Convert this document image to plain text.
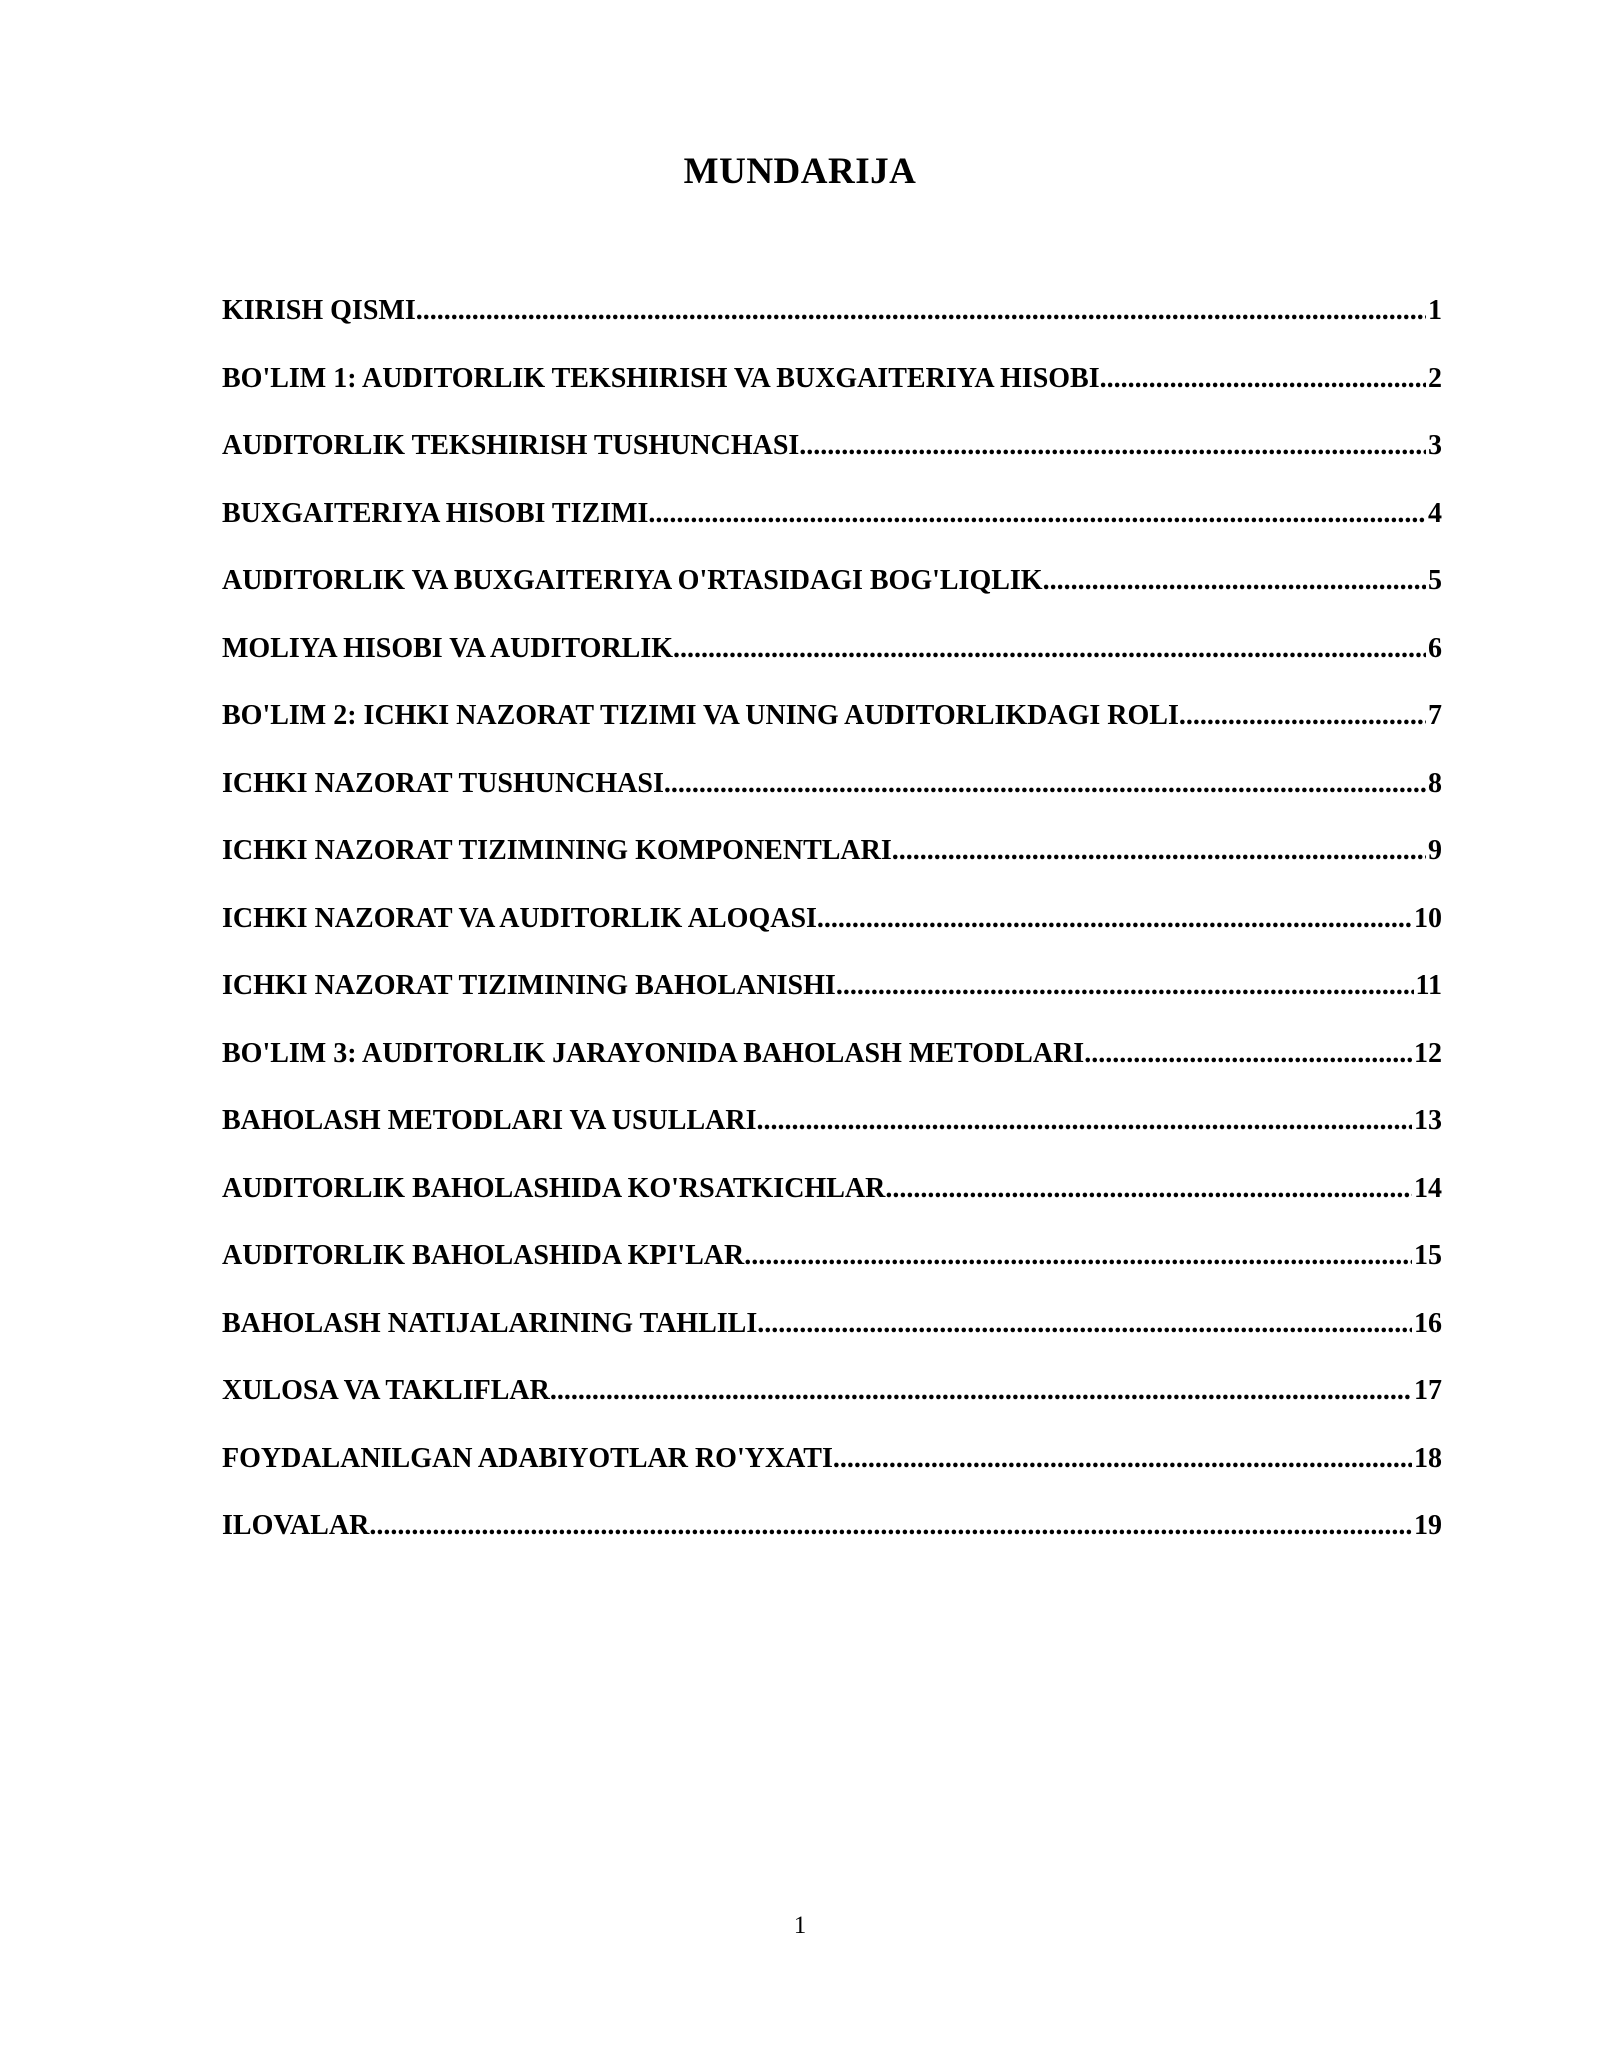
MUNDARIJA
KIRISH QISMI .....	1
BO'LIM 1: AUDITORLIK TEKSHIRISH VA BUXGAITERIYA HISOBI .....	2
AUDITORLIK TEKSHIRISH TUSHUNCHASI .....	3
BUXGAITERIYA HISOBI TIZIMI .....	4
AUDITORLIK VA BUXGAITERIYA O'RTASIDAGI BOG'LIQLIK .....	5
MOLIYA HISOBI VA AUDITORLIK .....	6
BO'LIM 2: ICHKI NAZORAT TIZIMI VA UNING AUDITORLIKDAGI ROLI .....	7
ICHKI NAZORAT TUSHUNCHASI .....	8
ICHKI NAZORAT TIZIMINING KOMPONENTLARI .....	9
ICHKI NAZORAT VA AUDITORLIK ALOQASI .....	10
ICHKI NAZORAT TIZIMINING BAHOLANISHI .....	11
BO'LIM 3: AUDITORLIK JARAYONIDA BAHOLASH METODLARI .....	12
BAHOLASH METODLARI VA USULLARI .....	13
AUDITORLIK BAHOLASHIDA KO'RSATKICHLAR .....	14
AUDITORLIK BAHOLASHIDA KPI'LAR .....	15
BAHOLASH NATIJALARINING TAHLILI .....	16
XULOSA VA TAKLIFLAR .....	17
FOYDALANILGAN ADABIYOTLAR RO'YXATI .....	18
ILOVALAR .....	19
1
